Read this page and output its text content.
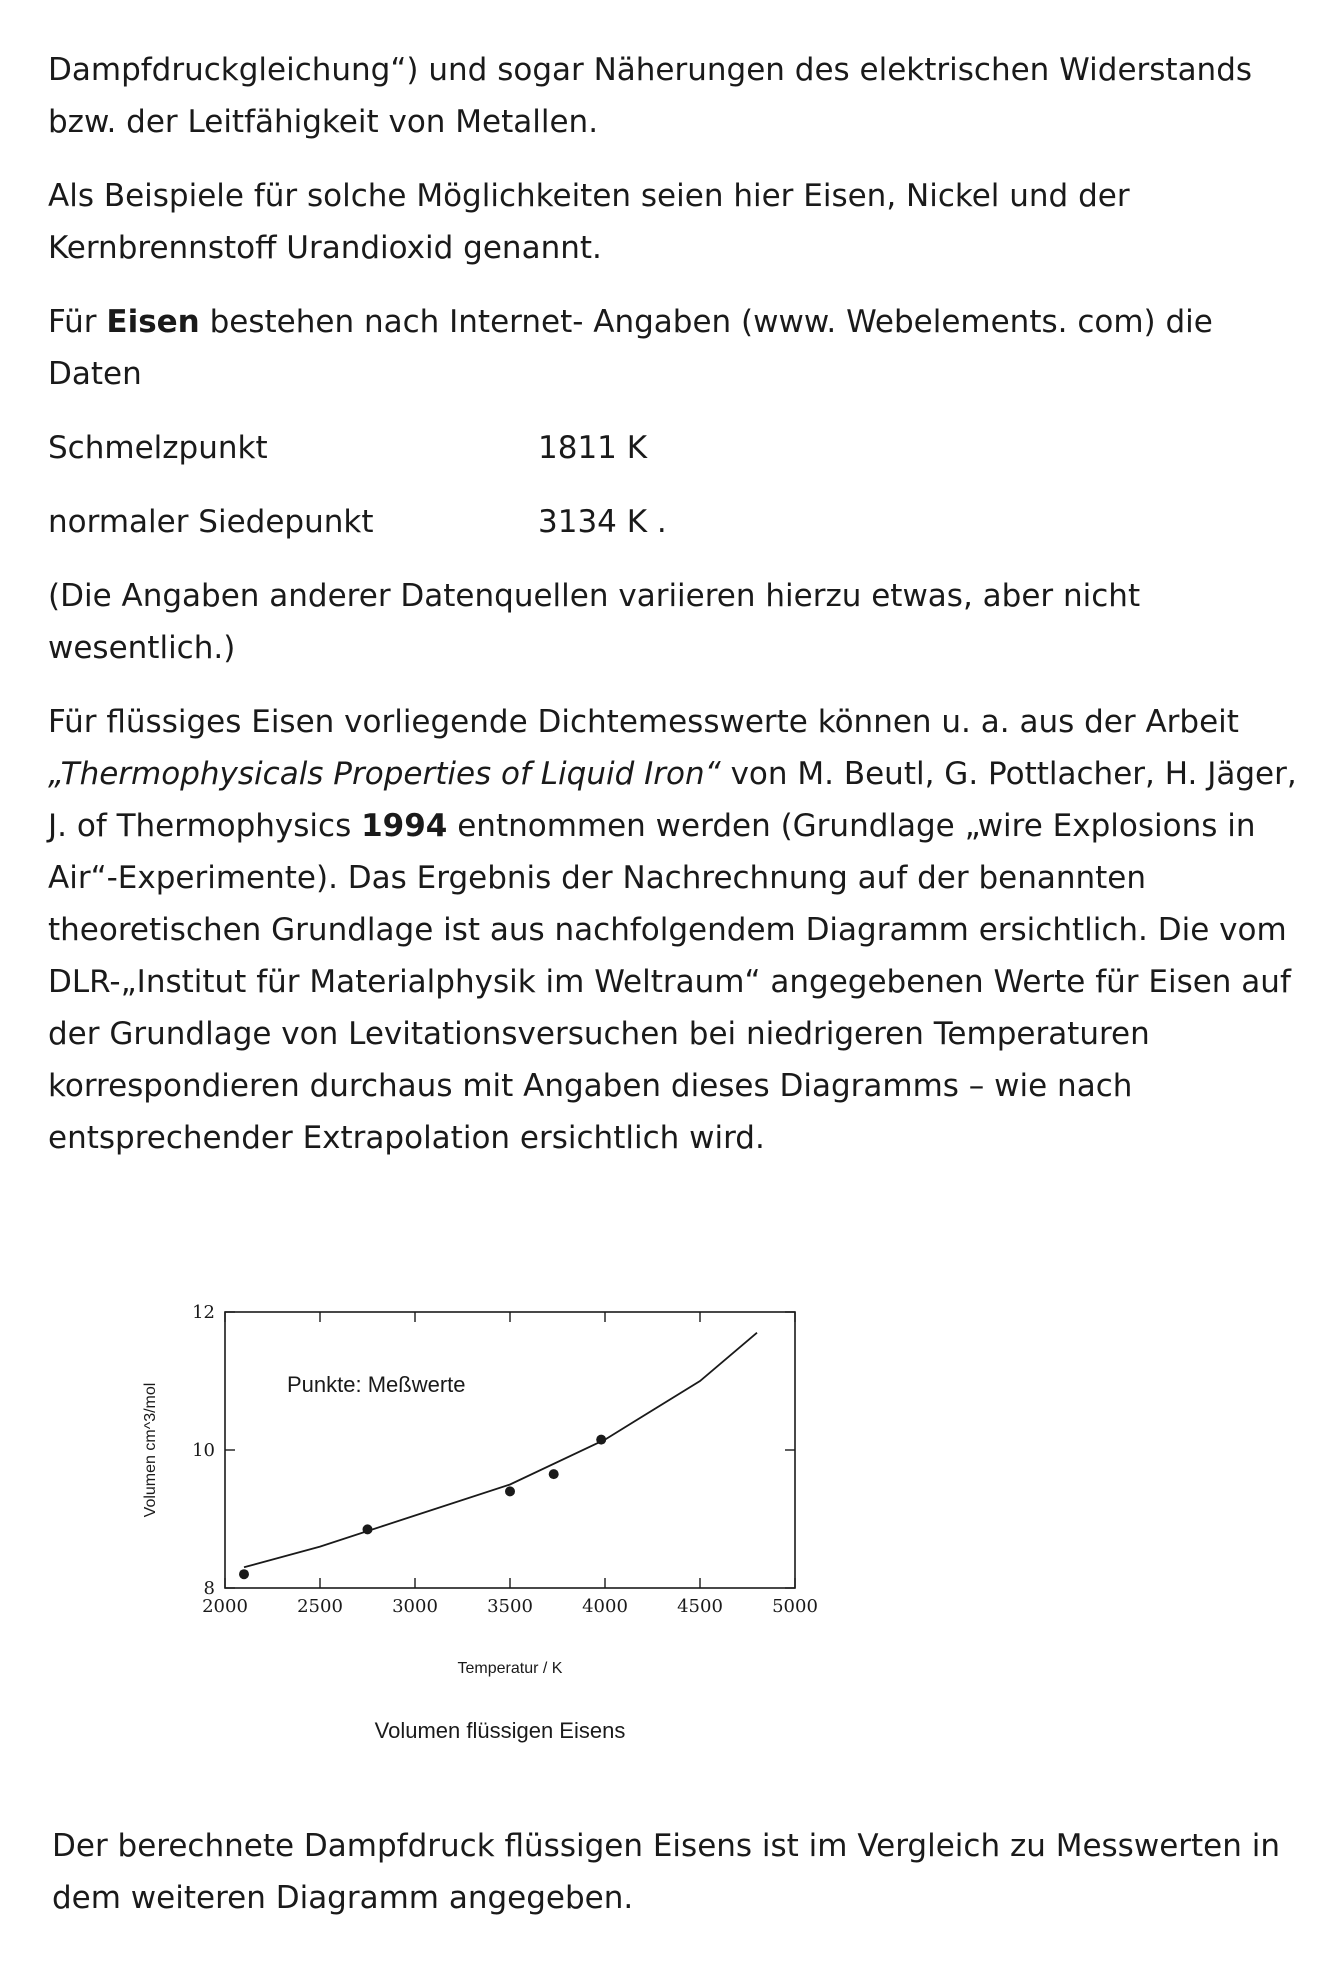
Dampfdruckgleichung“) und sogar Näherungen des elektrischen Widerstands bzw. der Leitfähigkeit von Metallen.

Als Beispiele für solche Möglichkeiten seien hier Eisen, Nickel und der Kernbrennstoff Urandioxid genannt.

Für Eisen bestehen nach Internet- Angaben (www. Webelements. com) die Daten

Schmelzpunkt	1811 K
normaler Siedepunkt	3134 K .

(Die Angaben anderer Datenquellen variieren hierzu etwas, aber nicht wesentlich.)

Für flüssiges Eisen vorliegende Dichtemesswerte können u. a. aus der Arbeit „Thermophysicals Properties of Liquid Iron“ von M. Beutl, G. Pottlacher, H. Jäger, J. of Thermophysics 1994 entnommen werden (Grundlage „wire Explosions in Air“-Experimente). Das Ergebnis der Nachrechnung auf der benannten theoretischen Grundlage ist aus nachfolgendem Diagramm ersichtlich. Die vom DLR-„Institut für Materialphysik im Weltraum“ angegebenen Werte für Eisen auf der Grundlage von Levitationsversuchen bei niedrigeren Temperaturen korrespondieren durchaus mit Angaben dieses Diagramms – wie nach entsprechender Extrapolation ersichtlich wird.

2000	2500	3000	3500	4000	4500	5000
8
10
12
Volumen cm^3/mol
Temperatur / K
Punkte: Meßwerte
Volumen flüssigen Eisens

Der berechnete Dampfdruck flüssigen Eisens ist im Vergleich zu Messwerten in dem weiteren Diagramm angegeben.
